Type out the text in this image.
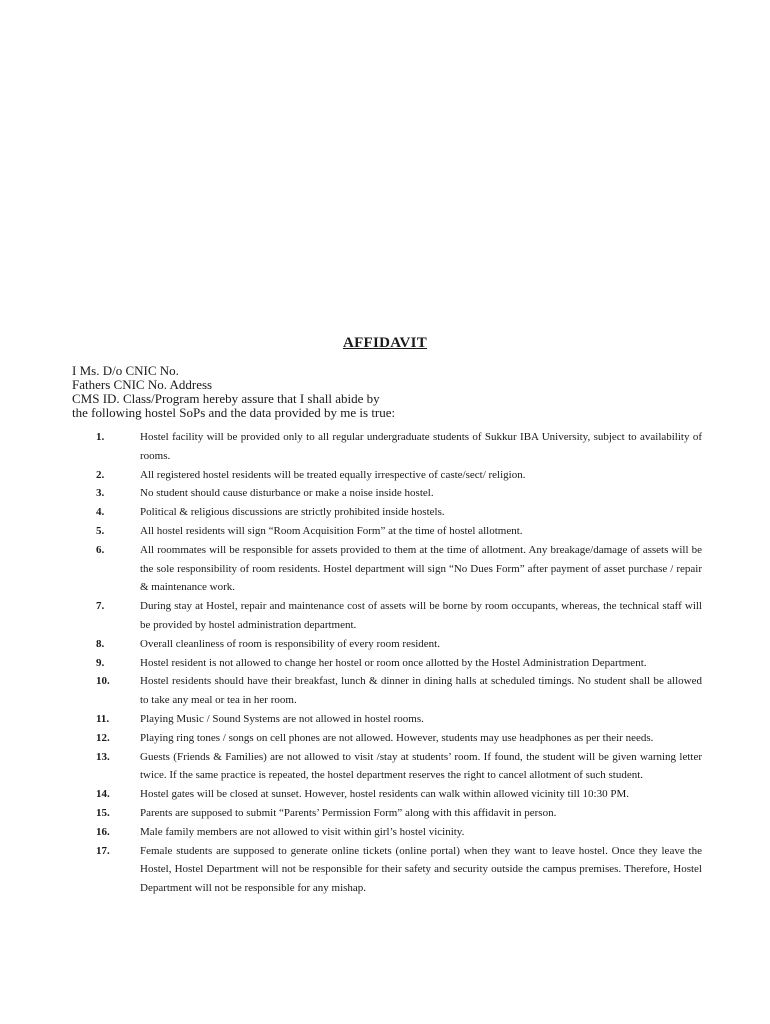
AFFIDAVIT
I Ms. D/o CNIC No.
Fathers CNIC No. Address
CMS ID. Class/Program hereby assure that I shall abide by
the following hostel SoPs and the data provided by me is true:
1.	Hostel facility will be provided only to all regular undergraduate students of Sukkur IBA University, subject to availability of rooms.
2.	All registered hostel residents will be treated equally irrespective of caste/sect/ religion.
3.	No student should cause disturbance or make a noise inside hostel.
4.	Political & religious discussions are strictly prohibited inside hostels.
5.	All hostel residents will sign “Room Acquisition Form” at the time of hostel allotment.
6.	All roommates will be responsible for assets provided to them at the time of allotment. Any breakage/damage of assets will be the sole responsibility of room residents. Hostel department will sign “No Dues Form” after payment of asset purchase / repair & maintenance work.
7.	During stay at Hostel, repair and maintenance cost of assets will be borne by room occupants, whereas, the technical staff will be provided by hostel administration department.
8.	Overall cleanliness of room is responsibility of every room resident.
9.	Hostel resident is not allowed to change her hostel or room once allotted by the Hostel Administration Department.
10.	Hostel residents should have their breakfast, lunch & dinner in dining halls at scheduled timings. No student shall be allowed to take any meal or tea in her room.
11.	Playing Music / Sound Systems are not allowed in hostel rooms.
12.	Playing ring tones / songs on cell phones are not allowed. However, students may use headphones as per their needs.
13.	Guests (Friends & Families) are not allowed to visit /stay at students’ room. If found, the student will be given warning letter twice. If the same practice is repeated, the hostel department reserves the right to cancel allotment of such student.
14.	Hostel gates will be closed at sunset. However, hostel residents can walk within allowed vicinity till 10:30 PM.
15.	Parents are supposed to submit “Parents’ Permission Form” along with this affidavit in person.
16.	Male family members are not allowed to visit within girl’s hostel vicinity.
17.	Female students are supposed to generate online tickets (online portal) when they want to leave hostel. Once they leave the Hostel, Hostel Department will not be responsible for their safety and security outside the campus premises. Therefore, Hostel Department will not be responsible for any mishap.
